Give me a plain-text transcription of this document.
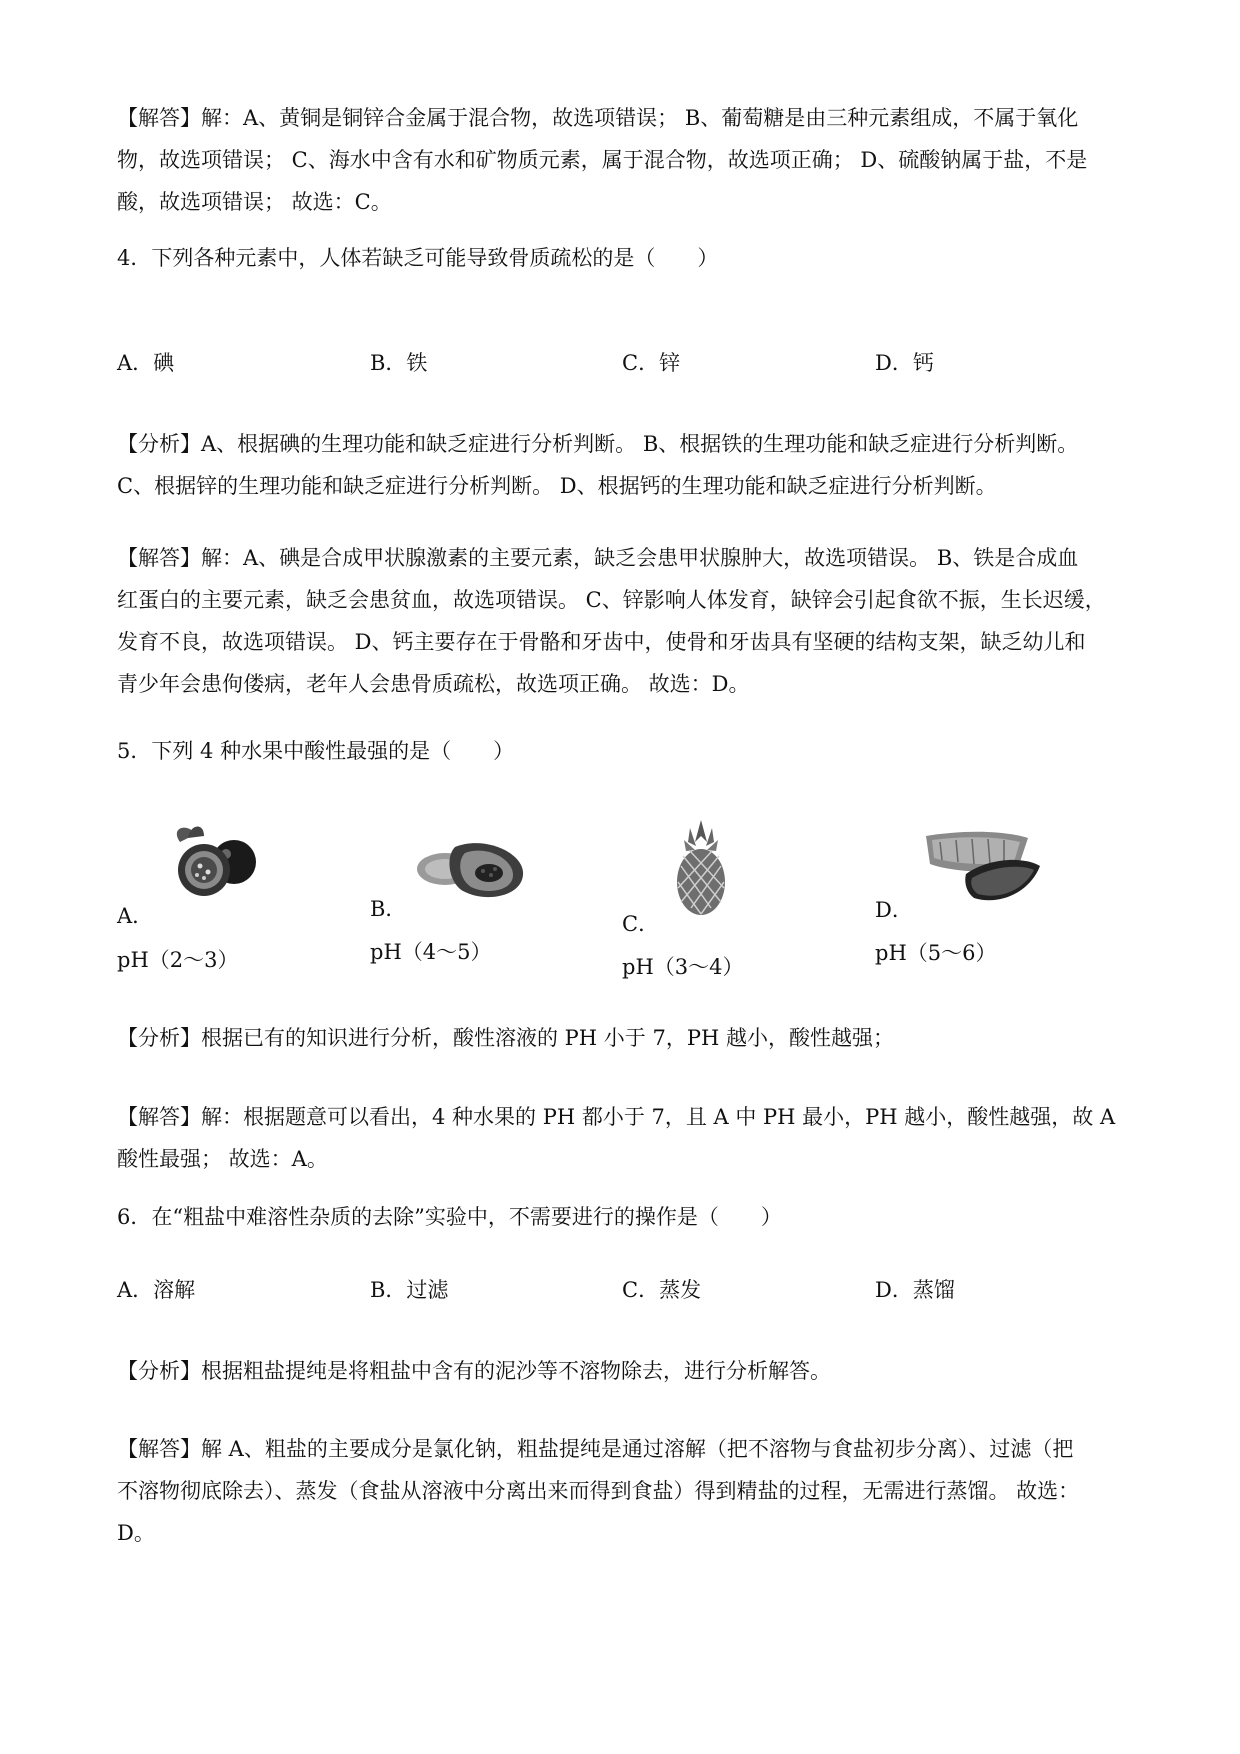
【解答】解：A、黄铜是铜锌合金属于混合物，故选项错误； B、葡萄糖是由三种元素组成，不属于氧化
物，故选项错误； C、海水中含有水和矿物质元素，属于混合物，故选项正确； D、硫酸钠属于盐，不是
酸，故选项错误； 故选：C。
4．下列各种元素中，人体若缺乏可能导致骨质疏松的是（　　）
A．碘	B．铁	C．锌	D．钙
【分析】A、根据碘的生理功能和缺乏症进行分析判断。 B、根据铁的生理功能和缺乏症进行分析判断。
C、根据锌的生理功能和缺乏症进行分析判断。 D、根据钙的生理功能和缺乏症进行分析判断。
【解答】解：A、碘是合成甲状腺激素的主要元素，缺乏会患甲状腺肿大，故选项错误。 B、铁是合成血
红蛋白的主要元素，缺乏会患贫血，故选项错误。 C、锌影响人体发育，缺锌会引起食欲不振，生长迟缓，
发育不良，故选项错误。 D、钙主要存在于骨骼和牙齿中，使骨和牙齿具有坚硬的结构支架，缺乏幼儿和
青少年会患佝偻病，老年人会患骨质疏松，故选项正确。 故选：D。
5．下列 4 种水果中酸性最强的是（　　）
A．
pH（2～3）
B．
pH（4～5）
C．
pH（3～4）
D．
pH（5～6）
【分析】根据已有的知识进行分析，酸性溶液的 PH 小于 7，PH 越小，酸性越强；
【解答】解：根据题意可以看出，4 种水果的 PH 都小于 7，且 A 中 PH 最小，PH 越小，酸性越强，故 A
酸性最强； 故选：A。
6．在“粗盐中难溶性杂质的去除”实验中，不需要进行的操作是（　　）
A．溶解	B．过滤	C．蒸发	D．蒸馏
【分析】根据粗盐提纯是将粗盐中含有的泥沙等不溶物除去，进行分析解答。
【解答】解 A、粗盐的主要成分是氯化钠，粗盐提纯是通过溶解（把不溶物与食盐初步分离）、过滤（把
不溶物彻底除去）、蒸发（食盐从溶液中分离出来而得到食盐）得到精盐的过程，无需进行蒸馏。 故选：
D。
